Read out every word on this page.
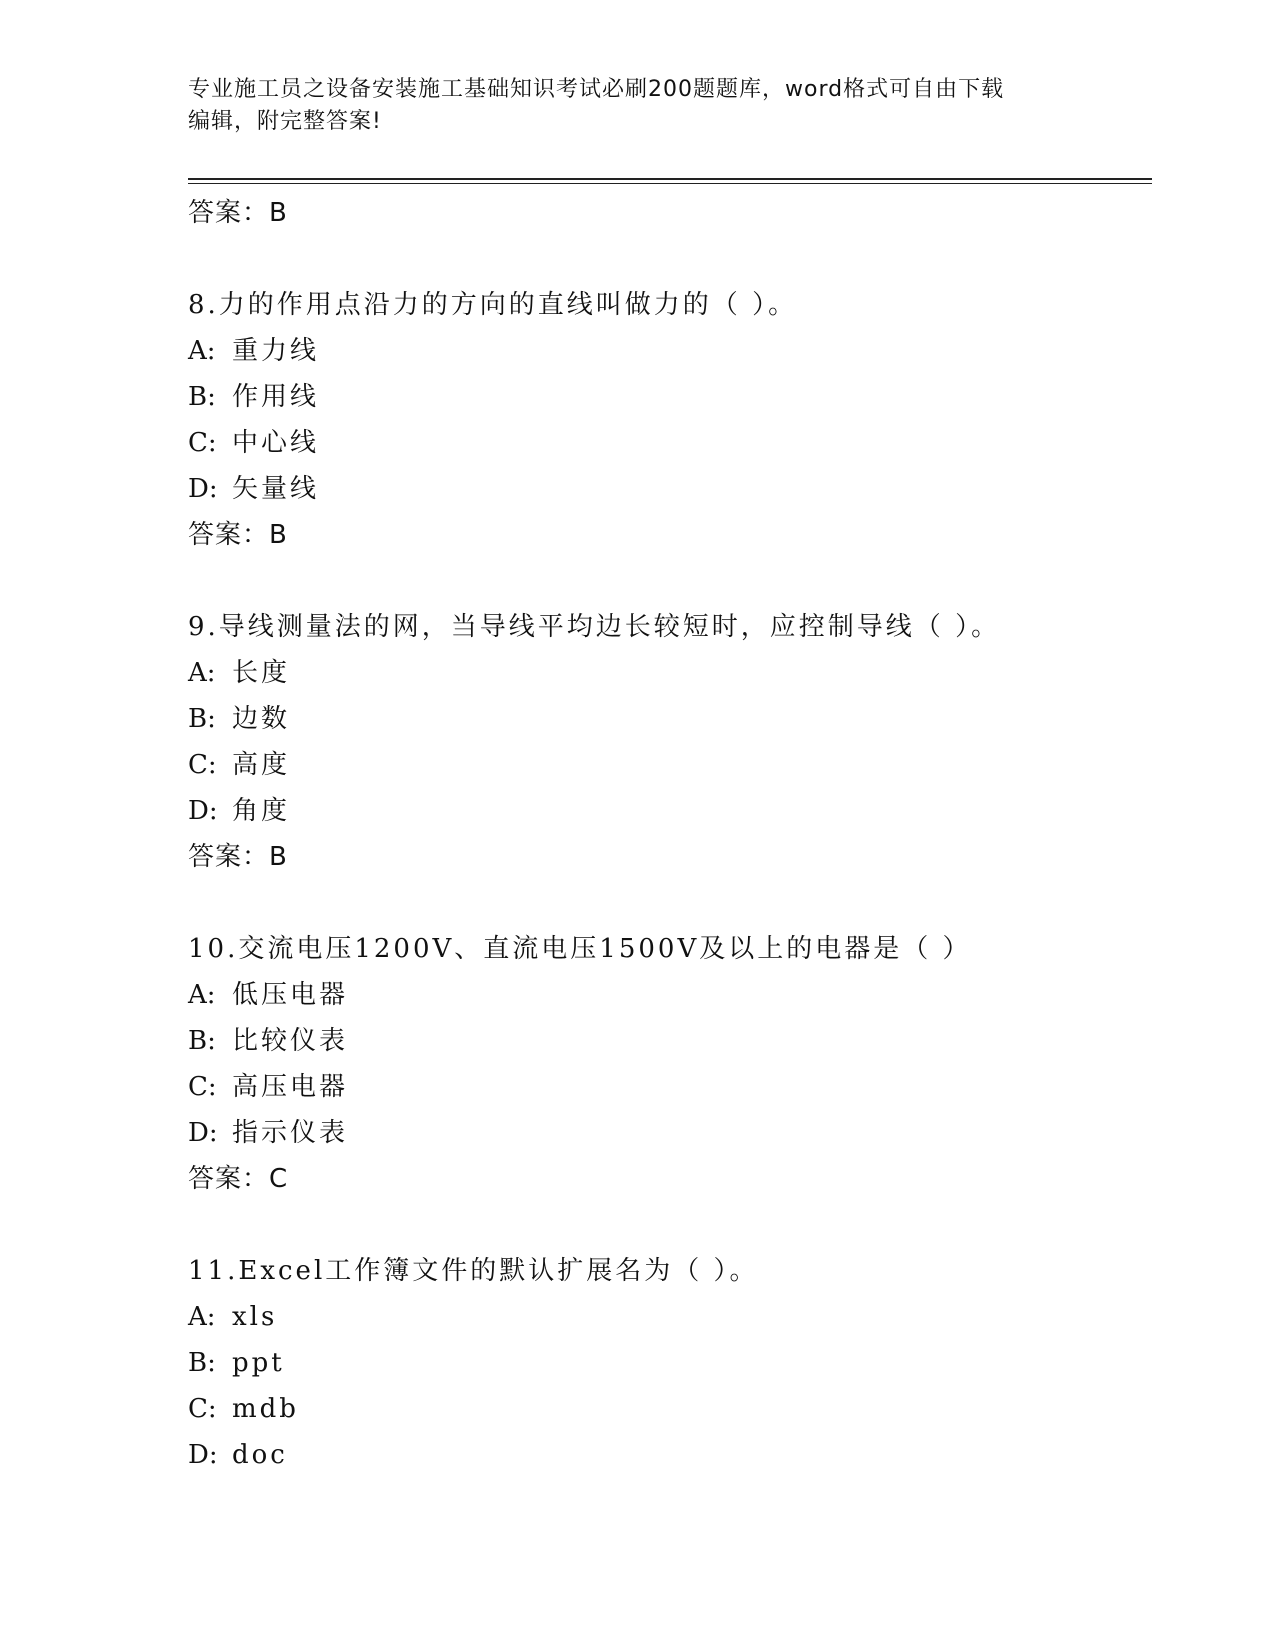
专业施工员之设备安装施工基础知识考试必刷200题题库，word格式可自由下载
编辑，附完整答案!
答案：B
8.力的作用点沿力的方向的直线叫做力的（ ）。
A: 重力线
B: 作用线
C: 中心线
D: 矢量线
答案：B
9.导线测量法的网，当导线平均边长较短时，应控制导线（ ）。
A: 长度
B: 边数
C: 高度
D: 角度
答案：B
10.交流电压1200V、直流电压1500V及以上的电器是（ ）
A: 低压电器
B: 比较仪表
C: 高压电器
D: 指示仪表
答案：C
11.Excel工作簿文件的默认扩展名为（ ）。
A: xls
B: ppt
C: mdb
D: doc
